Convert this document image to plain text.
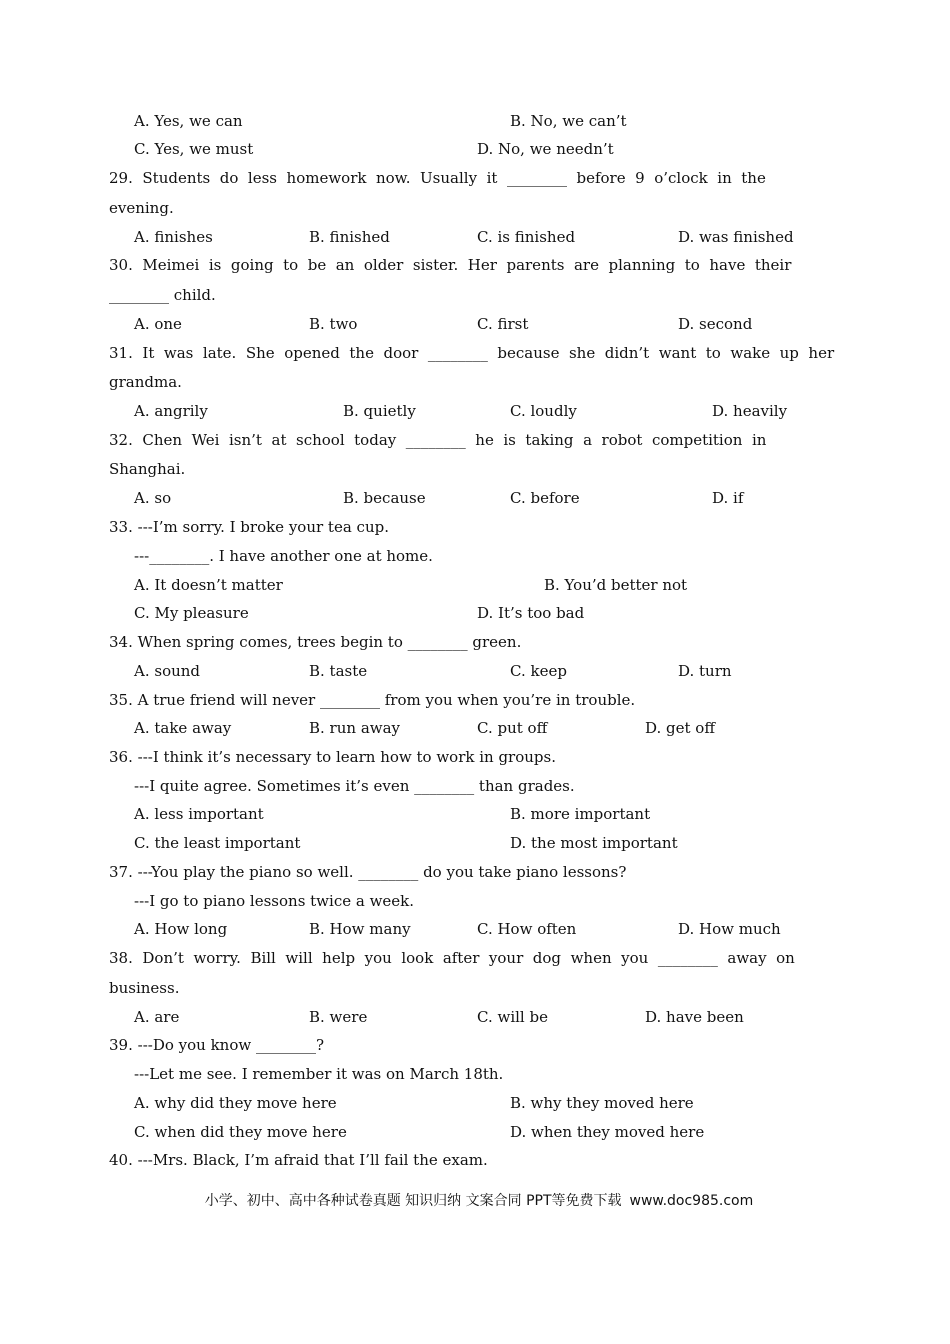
A. Yes, we can	B. No, we can’t
C. Yes, we must	D. No, we needn’t
29.  Students  do  less  homework  now.  Usually  it  ________  before  9  o’clock  in  the
evening.
A. finishes	B. finished	C. is finished	D. was finished
30.  Meimei  is  going  to  be  an  older  sister.  Her  parents  are  planning  to  have  their
________ child.
A. one	B. two	C. first	D. second
31.  It  was  late.  She  opened  the  door  ________  because  she  didn’t  want  to  wake  up  her
grandma.
A. angrily	B. quietly	C. loudly	D. heavily
32.  Chen  Wei  isn’t  at  school  today  ________  he  is  taking  a  robot  competition  in
Shanghai.
A. so	B. because	C. before	D. if
33. ---I’m sorry. I broke your tea cup.
---________. I have another one at home.
A. It doesn’t matter	B. You’d better not
C. My pleasure	D. It’s too bad
34. When spring comes, trees begin to ________ green.
A. sound	B. taste	C. keep	D. turn
35. A true friend will never ________ from you when you’re in trouble.
A. take away	B. run away	C. put off	D. get off
36. ---I think it’s necessary to learn how to work in groups.
---I quite agree. Sometimes it’s even ________ than grades.
A. less important	B. more important
C. the least important	D. the most important
37. ---You play the piano so well. ________ do you take piano lessons?
---I go to piano lessons twice a week.
A. How long	B. How many	C. How often	D. How much
38.  Don’t  worry.  Bill  will  help  you  look  after  your  dog  when  you  ________  away  on
business.
A. are	B. were	C. will be	D. have been
39. ---Do you know ________?
---Let me see. I remember it was on March 18th.
A. why did they move here	B. why they moved here
C. when did they move here	D. when they moved here
40. ---Mrs. Black, I’m afraid that I’ll fail the exam.
小学、初中、高中各种试卷真题 知识归纳 文案合同 PPT等免费下载 www.doc985.com
